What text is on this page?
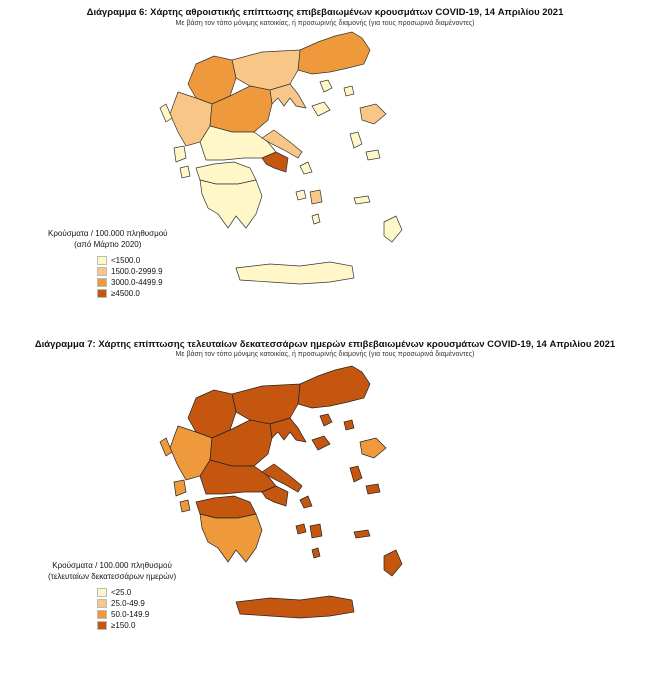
Διάγραμμα 6: Χάρτης αθροιστικής επίπτωσης επιβεβαιωμένων κρουσμάτων COVID-19, 14 Απριλίου 2021
Με βάση τον τόπο μόνιμης κατοικίας, ή προσωρινής διαμονής (για τους προσωρινά διαμένοντες)
Κρούσματα / 100.000 πληθυσμού
(από Μάρτιο 2020)
<1500.0
1500.0-2999.9
3000.0-4499.9
≥4500.0
Διάγραμμα 7: Χάρτης επίπτωσης τελευταίων δεκατεσσάρων ημερών επιβεβαιωμένων κρουσμάτων COVID-19, 14 Απριλίου 2021
Με βάση τον τόπο μόνιμης κατοικίας, ή προσωρινής διαμονής (για τους προσωρινά διαμένοντες)
Κρούσματα / 100.000 πληθυσμού
(τελευταίων δεκατεσσάρων ημερών)
<25.0
25.0-49.9
50.0-149.9
≥150.0
